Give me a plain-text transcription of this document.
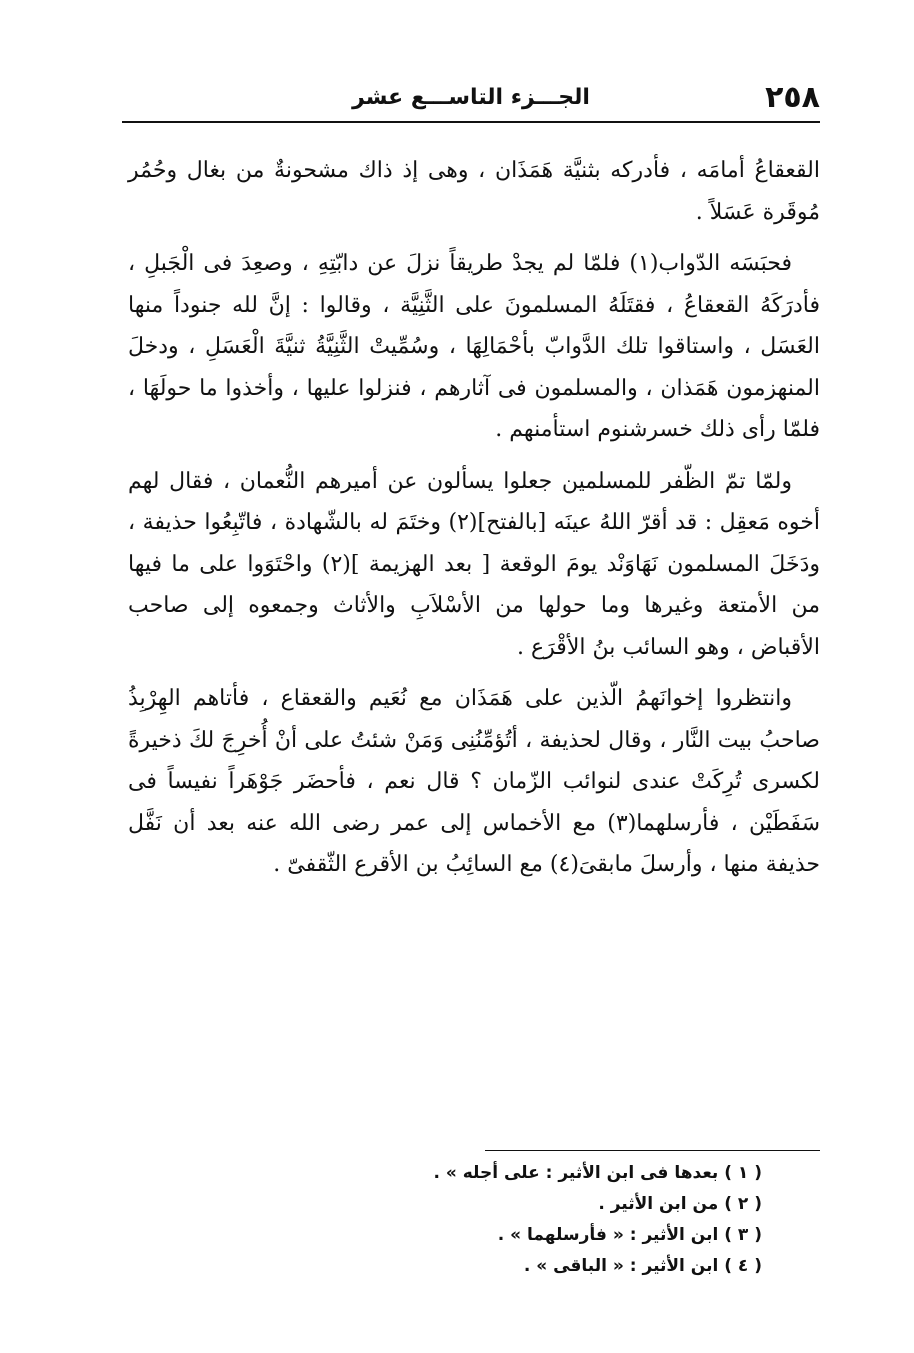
٢٥٨
الجـــزء التاســـع عشر

القعقاعُ أمامَه ، فأدركه بثنيَّة هَمَذَان ، وهى إذ ذاك مشحونةٌ من بغال وحُمُر مُوقَرة عَسَلاً .

فحبَسَه الدّواب(١) فلمّا لم يجدْ طريقاً نزلَ عن دابّتِهِ ، وصعِدَ فى الْجَبلِ ، فأدرَكَهُ القعقاعُ ، فقتَلَهُ المسلمونَ على الثَّنِيَّة ، وقالوا : إنَّ لله جنوداً منها العَسَل ، واستاقوا تلك الدَّوابّ بأحْمَالِهَا ، وسُمِّيتْ الثَّنِيَّةُ ثنيَّةَ الْعَسَلِ ، ودخلَ المنهزمون هَمَذان ، والمسلمون فى آثارهم ، فنزلوا عليها ، وأخذوا ما حولَهَا ، فلمّا رأى ذلك خسرشنوم استأمنهم .

ولمّا تمّ الظّفر للمسلمين جعلوا يسألون عن أميرهم النُّعمان ، فقال لهم أخوه مَعقِل : قد أقرّ اللهُ عينَه [بالفتح](٢) وختَمَ له بالشّهادة ، فاتّبِعُوا حذيفة ، ودَخَلَ المسلمون نَهَاوَنْد يومَ الوقعة [ بعد الهزيمة ](٢) واحْتَوَوا على ما فيها من الأمتعة وغيرها وما حولها من الأسْلاَبِ والأثاث وجمعوه إلى صاحب الأقباض ، وهو السائب بنُ الأقْرَع .

وانتظروا إخوانَهمُ الّذين على هَمَذَان مع نُعَيم والقعقاع ، فأتاهم الهِرْبِذُ صاحبُ بيت النَّار ، وقال لحذيفة ، أتُؤمِّنُنِى وَمَنْ شئتُ على أنْ أُخرِجَ لكَ ذخيرةً لكسرى تُرِكَتْ عندى لنوائب الزّمان ؟ قال نعم ، فأحضَر جَوْهَراً نفيساً فى سَفَطَيْن ، فأرسلهما(٣) مع الأخماس إلى عمر رضى الله عنه بعد أن نَفَّل حذيفة منها ، وأرسلَ مابقىَ(٤) مع السائِبُ بن الأقرع الثّقفىّ .

( ١ ) بعدها فى ابن الأثير : على أجله » .
( ٢ ) من ابن الأثير .
( ٣ ) ابن الأثير : « فأرسلهما » .
( ٤ ) ابن الأثير : « الباقى » .
